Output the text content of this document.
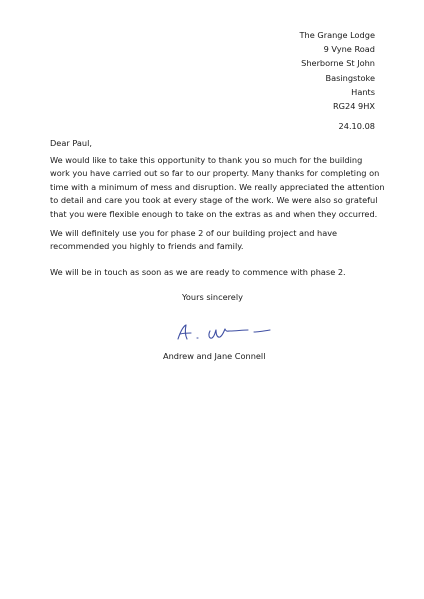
The Grange Lodge
9 Vyne Road
Sherborne St John
Basingstoke
Hants
RG24 9HX
24.10.08
Dear Paul,
We would like to take this opportunity to thank you so much for the building
work you have carried out so far to our property. Many thanks for completing on
time with a minimum of mess and disruption. We really appreciated the attention
to detail and care you took at every stage of the work. We were also so grateful
that you were flexible enough to take on the extras as and when they occurred.
We will definitely use you for phase 2 of our building project and have
recommended you highly to friends and family.
We will be in touch as soon as we are ready to commence with phase 2.
Yours sincerely
Andrew and Jane Connell
